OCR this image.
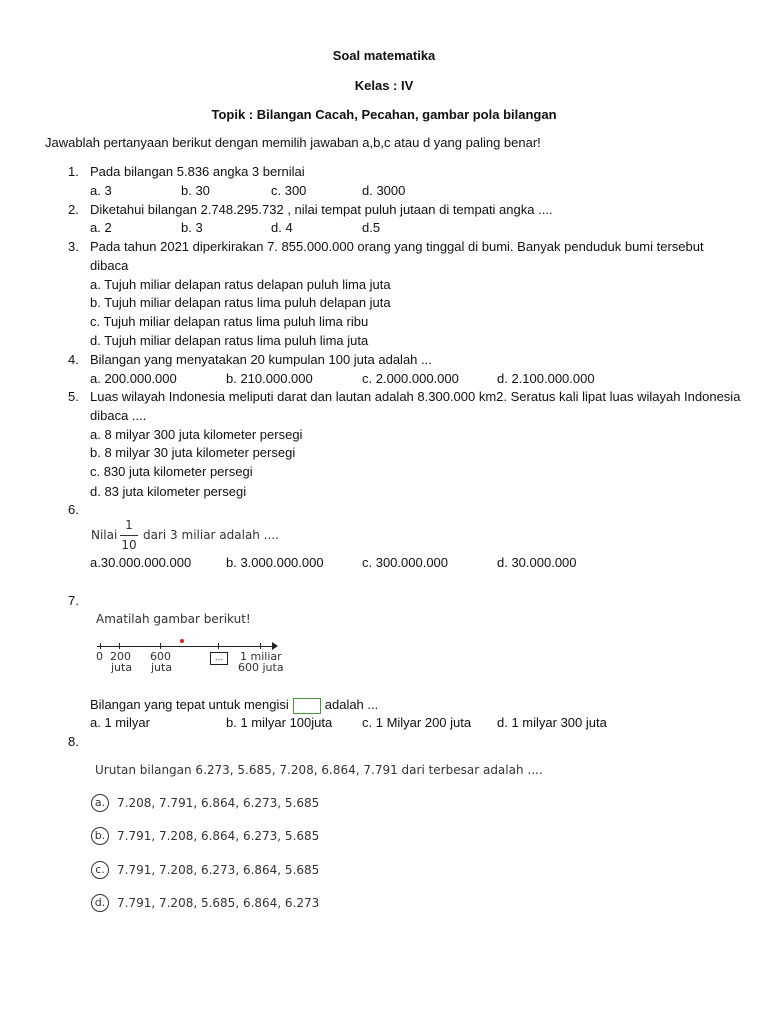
Soal matematika
Kelas : IV
Topik : Bilangan Cacah, Pecahan, gambar pola bilangan
Jawablah pertanyaan berikut dengan memilih jawaban a,b,c atau d yang paling benar!
1. Pada bilangan 5.836 angka 3 bernilai
a. 3	b. 30	c. 300	d. 3000
2. Diketahui bilangan 2.748.295.732 , nilai tempat puluh jutaan di tempati angka ....
a. 2	b. 3	d. 4	d.5
3. Pada tahun 2021 diperkirakan 7. 855.000.000 orang yang tinggal di bumi. Banyak penduduk bumi tersebut
dibaca
a. Tujuh miliar delapan ratus delapan puluh lima juta
b. Tujuh miliar delapan ratus lima puluh delapan juta
c. Tujuh miliar delapan ratus lima puluh lima ribu
d. Tujuh miliar delapan ratus lima puluh lima juta
4. Bilangan yang menyatakan 20 kumpulan 100 juta adalah ...
a. 200.000.000	b. 210.000.000	c. 2.000.000.000	d. 2.100.000.000
5. Luas wilayah Indonesia meliputi darat dan lautan adalah 8.300.000 km2. Seratus kali lipat luas wilayah Indonesia
dibaca ....
a. 8 milyar 300 juta kilometer persegi
b. 8 milyar 30 juta kilometer persegi
c. 830 juta kilometer persegi
d. 83 juta kilometer persegi
6.
Nilai
1
10
dari 3 miliar adalah ....
a.30.000.000.000	b. 3.000.000.000	c. 300.000.000	d. 30.000.000
7.
Amatilah gambar berikut!
0 200
juta
600
juta
...	1 miliar
600 juta
Bilangan yang tepat untuk mengisi	adalah ...
a. 1 milyar	b. 1 milyar 100juta c. 1 Milyar 200 juta d. 1 milyar 300 juta
8.
Urutan bilangan 6.273, 5.685, 7.208, 6.864, 7.791 dari terbesar adalah ....
a. 7.208, 7.791, 6.864, 6.273, 5.685
b. 7.791, 7.208, 6.864, 6.273, 5.685
c.	7.791, 7.208, 6.273, 6.864, 5.685
d. 7.791, 7.208, 5.685, 6.864, 6.273
